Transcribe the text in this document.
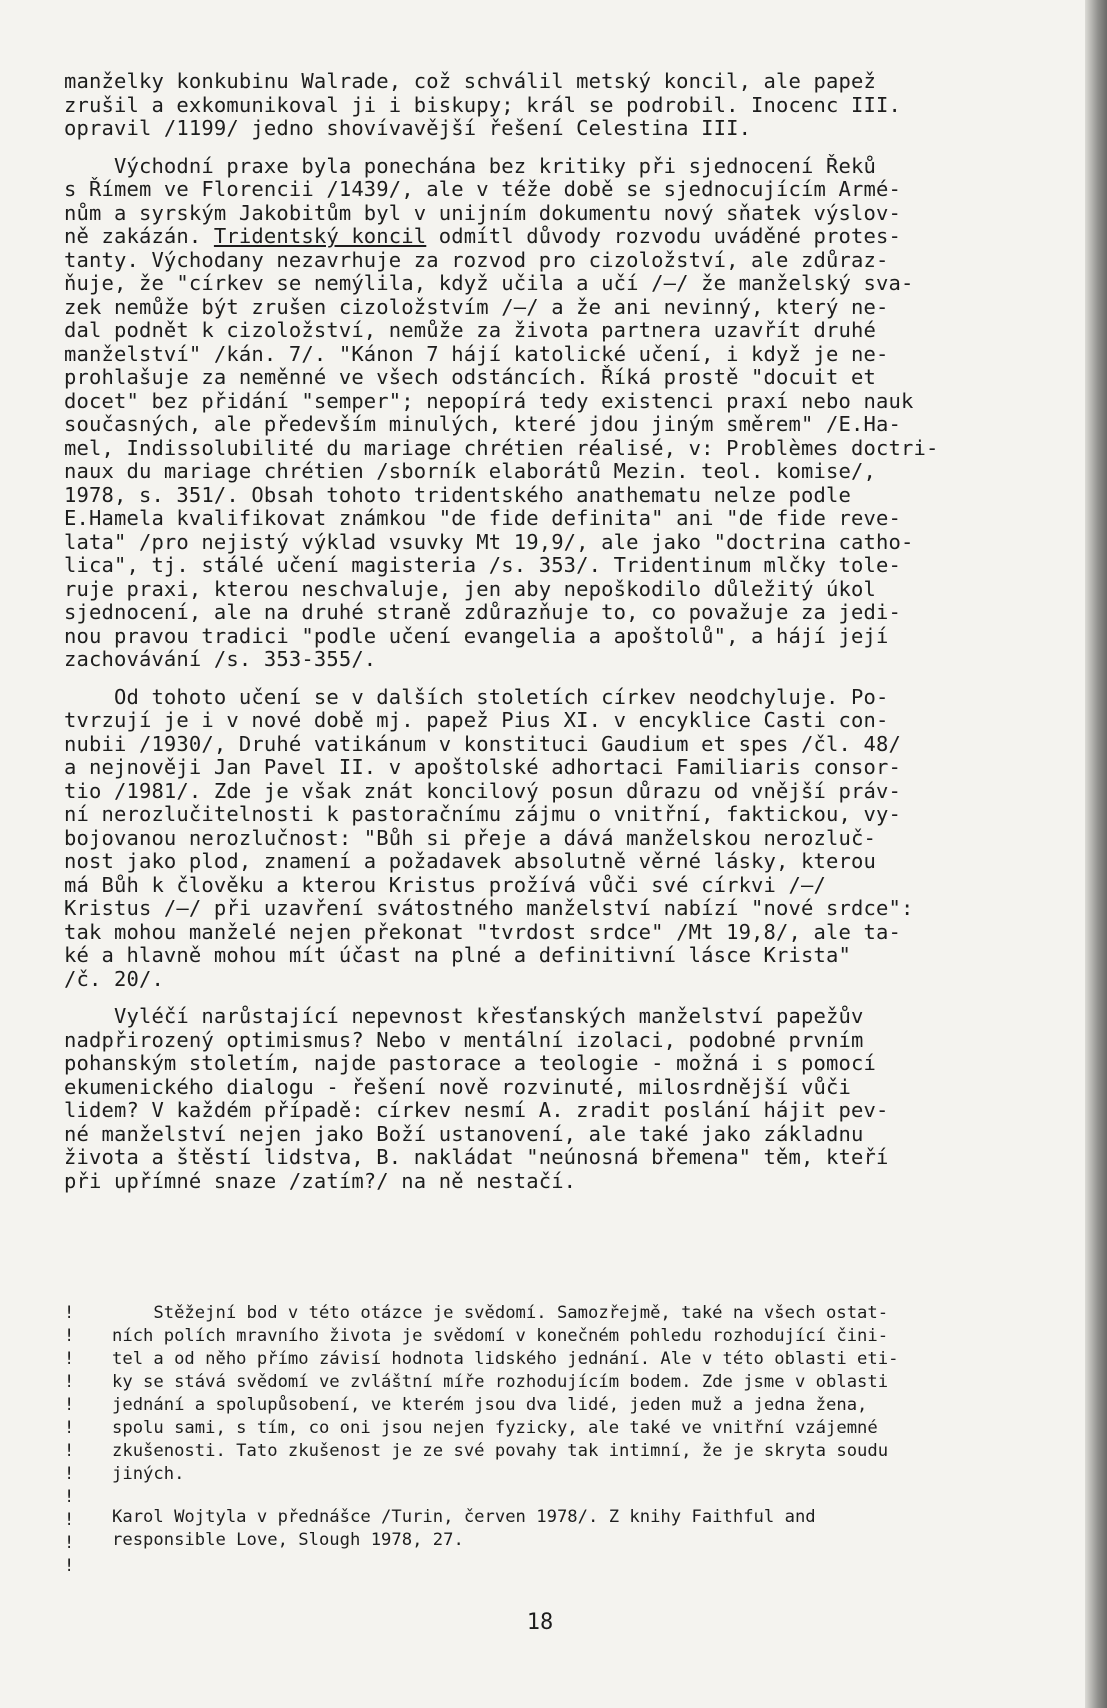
manželky konkubinu Walrade, což schválil metský koncil, ale papež
zrušil a exkomunikoval ji i biskupy; král se podrobil. Inocenc III.
opravil /1199/ jedno shovívavější řešení Celestina III.
Východní praxe byla ponechána bez kritiky při sjednocení Řeků
s Římem ve Florencii /1439/, ale v téže době se sjednocujícím Armé-
nům a syrským Jakobitům byl v unijním dokumentu nový sňatek výslov-
ně zakázán. Tridentský koncil odmítl důvody rozvodu uváděné protes-
tanty. Východany nezavrhuje za rozvod pro cizoložství, ale zdůraz-
ňuje, že "církev se nemýlila, když učila a učí /—/ že manželský sva-
zek nemůže být zrušen cizoložstvím /—/ a že ani nevinný, který ne-
dal podnět k cizoložství, nemůže za života partnera uzavřít druhé
manželství" /kán. 7/. "Kánon 7 hájí katolické učení, i když je ne-
prohlašuje za neměnné ve všech odstáncích. Říká prostě "docuit et
docet" bez přidání "semper"; nepopírá tedy existenci praxí nebo nauk
současných, ale především minulých, které jdou jiným směrem" /E.Ha-
mel, Indissolubilité du mariage chrétien réalisé, v: Problèmes doctri-
naux du mariage chrétien /sborník elaborátů Mezin. teol. komise/,
1978, s. 351/. Obsah tohoto tridentského anathematu nelze podle
E.Hamela kvalifikovat známkou "de fide definita" ani "de fide reve-
lata" /pro nejistý výklad vsuvky Mt 19,9/, ale jako "doctrina catho-
lica", tj. stálé učení magisteria /s. 353/. Tridentinum mlčky tole-
ruje praxi, kterou neschvaluje, jen aby nepoškodilo důležitý úkol
sjednocení, ale na druhé straně zdůrazňuje to, co považuje za jedi-
nou pravou tradici "podle učení evangelia a apoštolů", a hájí její
zachovávání /s. 353-355/.
Od tohoto učení se v dalších stoletích církev neodchyluje. Po-
tvrzují je i v nové době mj. papež Pius XI. v encyklice Casti con-
nubii /1930/, Druhé vatikánum v konstituci Gaudium et spes /čl. 48/
a nejnověji Jan Pavel II. v apoštolské adhortaci Familiaris consor-
tio /1981/. Zde je však znát koncilový posun důrazu od vnější práv-
ní nerozlučitelnosti k pastoračnímu zájmu o vnitřní, faktickou, vy-
bojovanou nerozlučnost: "Bůh si přeje a dává manželskou nerozluč-
nost jako plod, znamení a požadavek absolutně věrné lásky, kterou
má Bůh k člověku a kterou Kristus prožívá vůči své církvi /—/
Kristus /—/ při uzavření svátostného manželství nabízí "nové srdce":
tak mohou manželé nejen překonat "tvrdost srdce" /Mt 19,8/, ale ta-
ké a hlavně mohou mít účast na plné a definitivní lásce Krista"
/č. 20/.
Vyléčí narůstající nepevnost křesťanských manželství papežův
nadpřirozený optimismus? Nebo v mentální izolaci, podobné prvním
pohanským stoletím, najde pastorace a teologie - možná i s pomocí
ekumenického dialogu - řešení nově rozvinuté, milosrdnější vůči
lidem? V každém případě: církev nesmí A. zradit poslání hájit pev-
né manželství nejen jako Boží ustanovení, ale také jako základnu
života a štěstí lidstva, B. nakládat "neúnosná břemena" těm, kteří
při upřímné snaze /zatím?/ na ně nestačí.
!
!
!
!
!
!
!
!
!
!
!
!
Stěžejní bod v této otázce je svědomí. Samozřejmě, také na všech ostat-
ních polích mravního života je svědomí v konečném pohledu rozhodující čini-
tel a od něho přímo závisí hodnota lidského jednání. Ale v této oblasti eti-
ky se stává svědomí ve zvláštní míře rozhodujícím bodem. Zde jsme v oblasti
jednání a spolupůsobení, ve kterém jsou dva lidé, jeden muž a jedna žena,
spolu sami, s tím, co oni jsou nejen fyzicky, ale také ve vnitřní vzájemné
zkušenosti. Tato zkušenost je ze své povahy tak intimní, že je skryta soudu
jiných.
Karol Wojtyla v přednášce /Turin, červen 1978/. Z knihy Faithful and
responsible Love, Slough 1978, 27.
18
